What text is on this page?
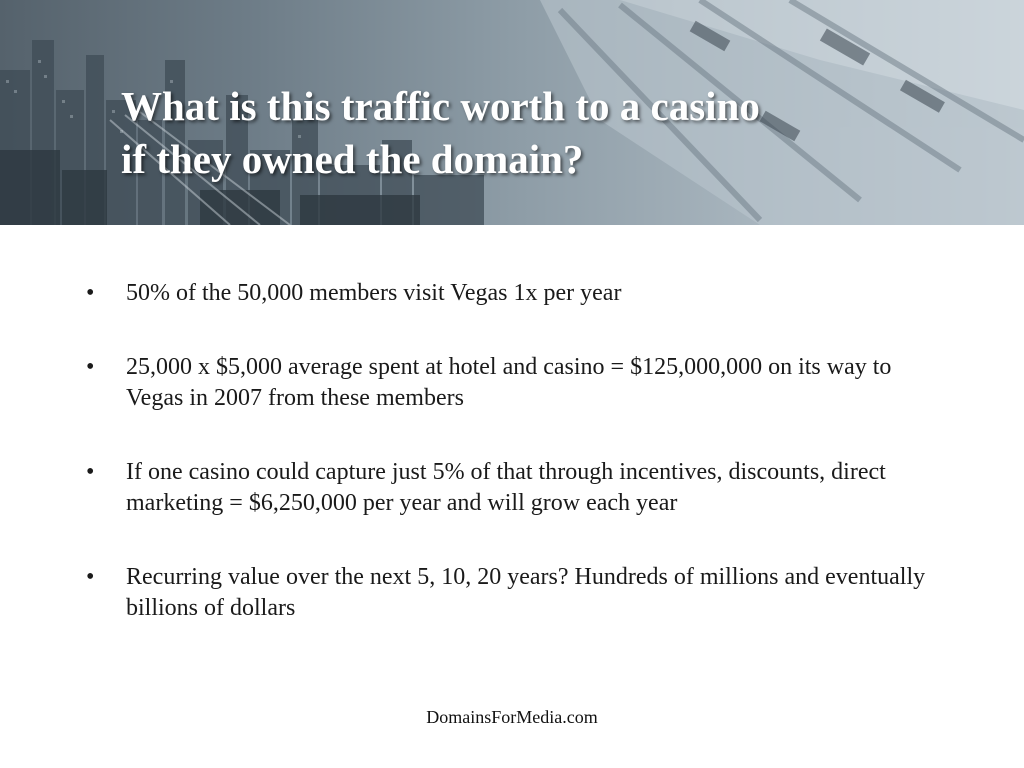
What is this traffic worth to a casino
if they owned the domain?
• 50% of the 50,000 members visit Vegas 1x per year
• 25,000 x $5,000 average spent at hotel and casino = $125,000,000 on its way to Vegas in 2007 from these members
• If one casino could capture just 5% of that through incentives, discounts, direct marketing = $6,250,000 per year and will grow each year
• Recurring value over the next 5, 10, 20 years? Hundreds of millions and eventually billions of dollars
DomainsForMedia.com
